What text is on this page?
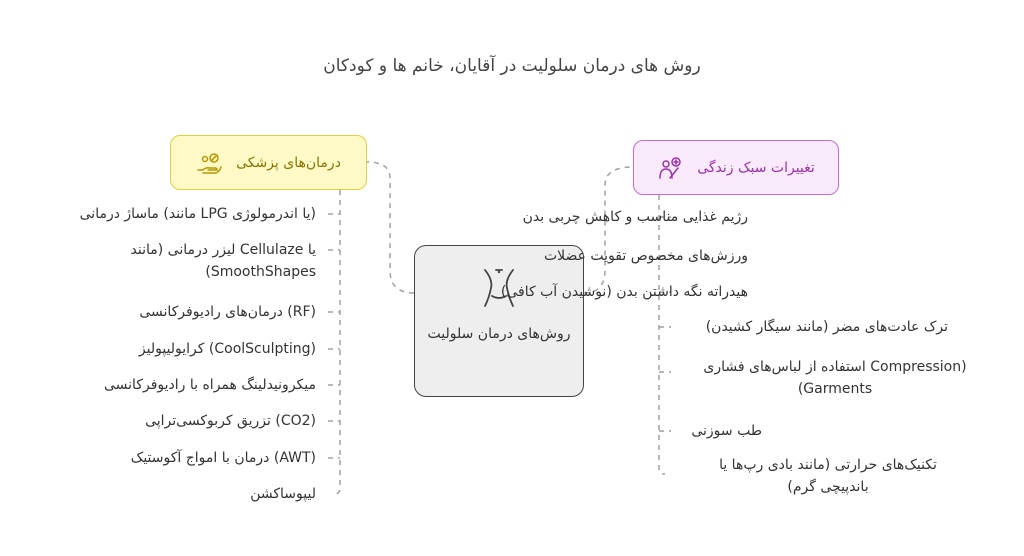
روش های درمان سلولیت در آقایان، خانم ها و کودکان
روش‌های درمان سلولیت
درمان‌های پزشکی	تغییرات سبک زندگی
(یا اندرمولوژی LPG مانند) ماساژ درمانی
یا Cellulaze لیزر درمانی (مانند SmoothShapes)
(RF) درمان‌های رادیوفرکانسی
(CoolSculpting) کرایولیپولیز
میکرونیدلینگ همراه با رادیوفرکانسی
(CO2) تزریق کربوکسی‌تراپی
(AWT) درمان با امواج آکوستیک
لیپوساکشن
رژیم غذایی مناسب و کاهش چربی بدن
ورزش‌های مخصوص تقویت عضلات
هیدراته نگه داشتن بدن (نوشیدن آب کافی)
ترک عادت‌های مضر (مانند سیگار کشیدن)
(Compression استفاده از لباس‌های فشاری Garments)
طب سوزنی
تکنیک‌های حرارتی (مانند بادی رپ‌ها یا باندپیچی گرم)
